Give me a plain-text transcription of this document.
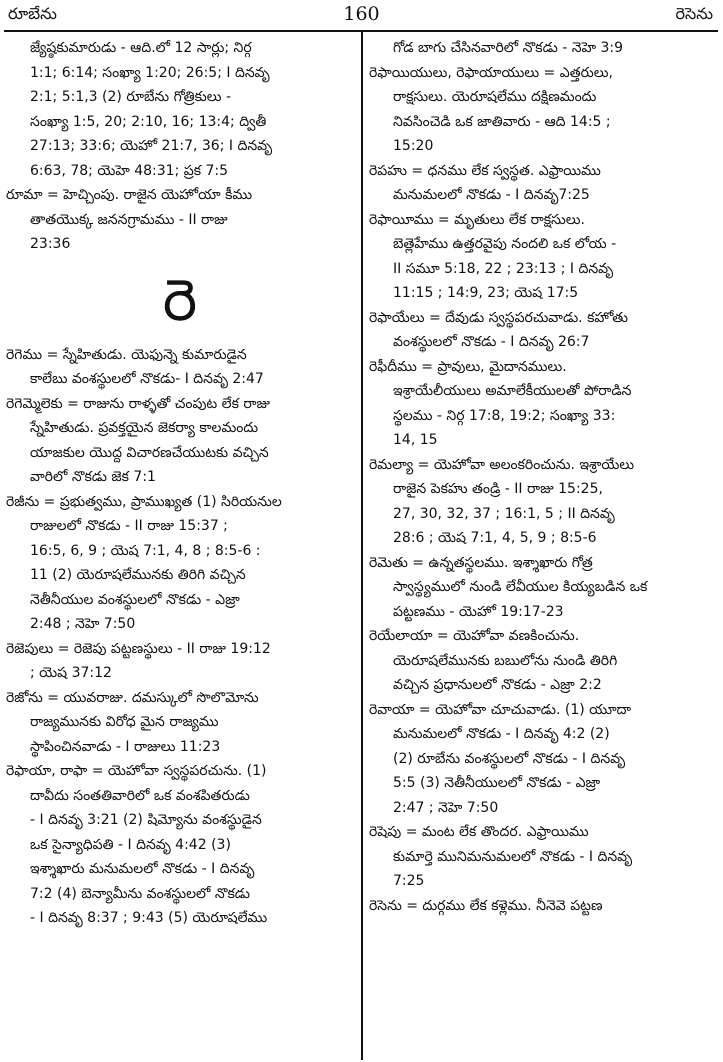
రూబేను	160	రెసెను
జ్యేష్ఠకుమారుడు - ఆది.లో 12 సార్లు; నిర్గ
1:1; 6:14; సంఖ్యా 1:20; 26:5; I దినవృ
2:1; 5:1,3 (2) రూబేను గోత్రికులు -
సంఖ్యా 1:5, 20; 2:10, 16; 13:4; ద్వితీ
27:13; 33:6; యెహో 21:7, 36; I దినవృ
6:63, 78; యెహె 48:31; ప్రక 7:5
రూమా = హెచ్చింపు. రాజైన యెహోయా కీము
తాతయొక్క జననగ్రామము - II రాజు
23:36
రె
రెగెము = స్నేహితుడు. యెఫున్నె కుమారుడైన
కాలేబు వంశస్థులలో నొకడు- I దినవృ 2:47
రెగెమ్మెలెకు = రాజును రాళ్ళతో చంపుట లేక రాజు
స్నేహితుడు. ప్రవక్తయైన జెకర్యా కాలమందు
యాజకుల యొద్ద విచారణచేయుటకు వచ్చిన
వారిలో నొకడు జెక 7:1
రెజీను = ప్రభుత్వము, ప్రాముఖ్యత (1) సిరియనుల
రాజులలో నొకడు - II రాజు 15:37 ;
16:5, 6, 9 ; యెష 7:1, 4, 8 ; 8:5-6 :
11 (2) యెరూషలేమునకు తిరిగి వచ్చిన
నెతీనీయుల వంశస్థులలో నొకడు - ఎజ్రా
2:48 ; నెహె 7:50
రెజెపులు = రెజెపు పట్టణస్థులు - II రాజు 19:12
; యెష 37:12
రెజోను = యువరాజు. దమస్కులో సొలొమోను
రాజ్యమునకు విరోధ మైన రాజ్యము
స్థాపించినవాడు - I రాజులు 11:23
రెఫాయా, రాఫా = యెహోవా స్వస్థపరచును. (1)
దావీదు సంతతివారిలో ఒక వంశపితరుడు
- I దినవృ 3:21 (2) షిమ్యోను వంశస్థుడైన
ఒక సైన్యాధిపతి - I దినవృ 4:42 (3)
ఇశ్శాఖారు మనుమలలో నొకడు - I దినవృ
7:2 (4) బెన్యామీను వంశస్థులలో నొకడు
- I దినవృ 8:37 ; 9:43 (5) యెరూషలేము
గోడ బాగు చేసినవారిలో నొకడు - నెహె 3:9
రెఫాయియులు, రెఫాయాయులు = ఎత్తరులు,
రాక్షసులు. యెరూషలేము దక్షిణమందు
నివసించెడి ఒక జాతివారు - ఆది 14:5 ;
15:20
రెపహు = ధనము లేక స్వస్థత. ఎఫ్రాయిము
మనుమలలో నొకడు - I దినవృ7:25
రెఫాయీము = మృతులు లేక రాక్షసులు.
బెత్లెహేము ఉత్తరవైపు నందలి ఒక లోయ -
II సమూ 5:18, 22 ; 23:13 ; I దినవృ
11:15 ; 14:9, 23; యెష 17:5
రెఫాయేలు = దేవుడు స్వస్థపరచువాడు. కహోతు
వంశస్థులలో నొకడు - I దినవృ 26:7
రెఫీదీము = ప్రావులు, మైదానములు.
ఇశ్రాయేలీయులు అమాలేకీయులతో పోరాడిన
స్థలము - నిర్గ 17:8, 19:2; సంఖ్యా 33:
14, 15
రెమల్యా = యెహోవా అలంకరించును. ఇశ్రాయేలు
రాజైన పెకహు తండ్రి - II రాజు 15:25,
27, 30, 32, 37 ; 16:1, 5 ; II దినవృ
28:6 ; యెష 7:1, 4, 5, 9 ; 8:5-6
రెమెతు = ఉన్నతస్థలము. ఇశ్శాఖారు గోత్ర
స్వాస్థ్యములో నుండి లేవీయుల కియ్యబడిన ఒక
పట్టణము - యెహో 19:17-23
రెయేలాయా = యెహోవా వణకించును.
యెరూషలేమునకు బబులోను నుండి తిరిగి
వచ్చిన ప్రధానులలో నొకడు - ఎజ్రా 2:2
రెవాయా = యెహోవా చూచువాడు. (1) యూదా
మనుమలలో నొకడు - I దినవృ 4:2 (2)
(2) రూబేను వంశస్థులలో నొకడు - I దినవృ
5:5 (3) నెతీనీయులలో నొకడు - ఎజ్రా
2:47 ; నెహె 7:50
రెషెపు = మంట లేక తొందర. ఎఫ్రాయిము
కుమార్తె మునిమనుమలలో నొకడు - I దినవృ
7:25
రెసెను = దుర్గము లేక కళ్లెము. నీనెవె పట్టణ
